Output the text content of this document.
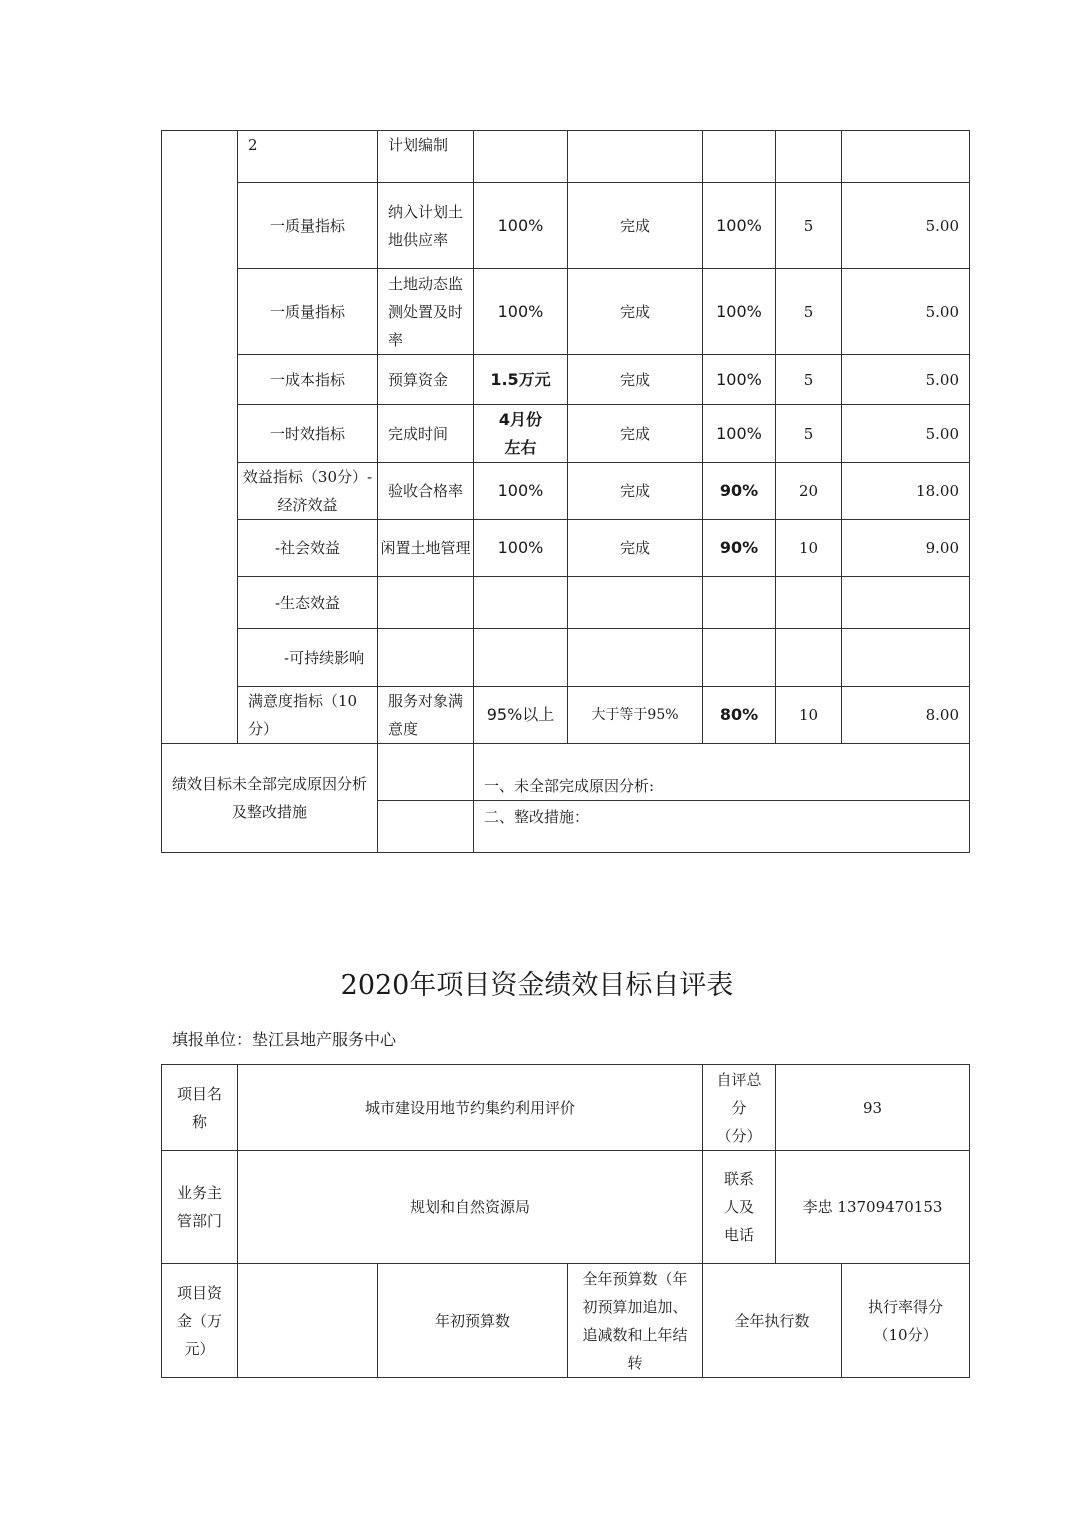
	2	计划编制					
	一质量指标	纳入计划土地供应率	100%	完成	100%	5	5.00
	一质量指标	土地动态监测处置及时率	100%	完成	100%	5	5.00
	一成本指标	预算资金	1.5万元	完成	100%	5	5.00
	一时效指标	完成时间	4月份左右	完成	100%	5	5.00
	效益指标（30分）-经济效益	验收合格率	100%	完成	90%	20	18.00
	-社会效益	闲置土地管理	100%	完成	90%	10	9.00
	-生态效益						
	-可持续影响						
	满意度指标（10分）	服务对象满意度	95%以上	大于等于95%	80%	10	8.00
绩效目标未全部完成原因分析及整改措施			一、未全部完成原因分析:				
			二、整改措施：				
2020年项目资金绩效目标自评表
填报单位：垫江县地产服务中心
项目名称	城市建设用地节约集约利用评价			自评总分（分）	93	
业务主管部门	规划和自然资源局			联系人及电话	李忠 13709470153	
项目资金（万元）		年初预算数	全年预算数（年初预算加追加、追减数和上年结转	全年执行数		执行率得分（10分）
